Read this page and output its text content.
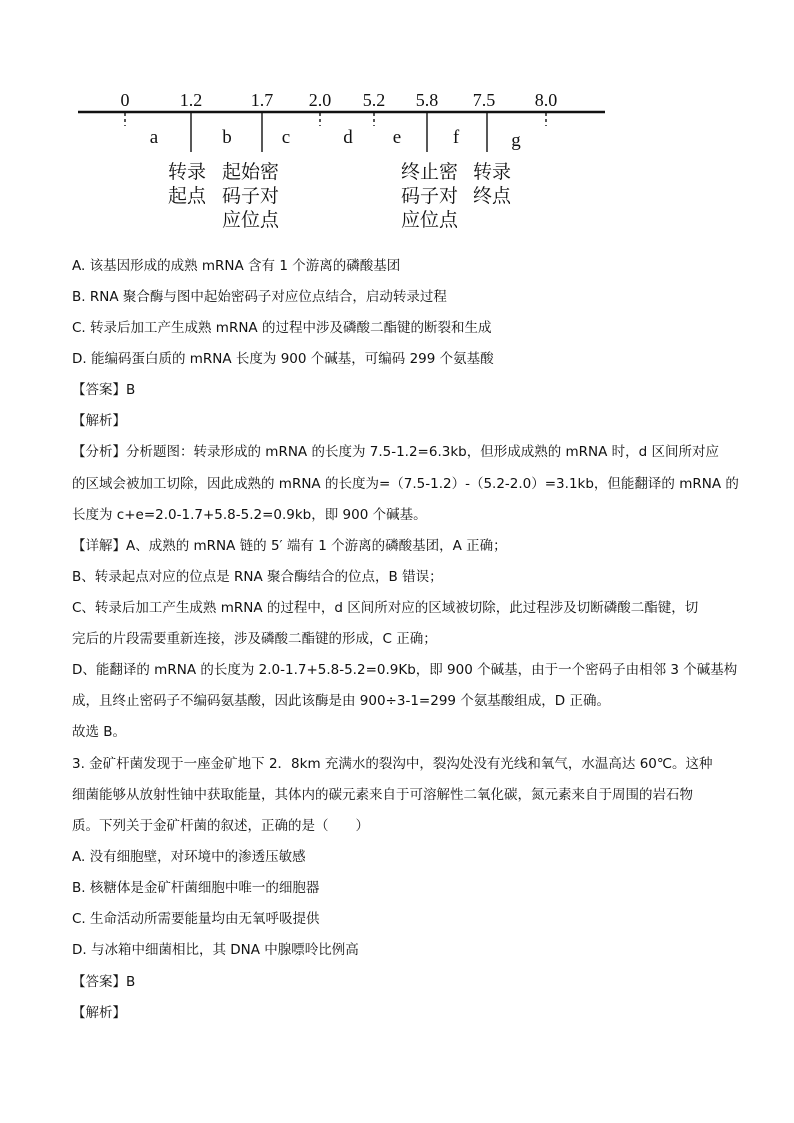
0	1.2	1.7 2.0 5.2 5.8 7.5 8.0
a	b	c	d e	f	g
转录
起点
起始密
码子对
应位点
终止密
码子对
应位点
转录
终点
A. 该基因形成的成熟 mRNA 含有 1 个游离的磷酸基团
B. RNA 聚合酶与图中起始密码子对应位点结合，启动转录过程
C. 转录后加工产生成熟 mRNA 的过程中涉及磷酸二酯键的断裂和生成
D. 能编码蛋白质的 mRNA 长度为 900 个碱基，可编码 299 个氨基酸
【答案】B
【解析】
【分析】分析题图：转录形成的 mRNA 的长度为 7.5-1.2=6.3kb，但形成成熟的 mRNA 时，d 区间所对应
的区域会被加工切除，因此成熟的 mRNA 的长度为=（7.5-1.2）-（5.2-2.0）=3.1kb，但能翻译的 mRNA 的
长度为 c+e=2.0-1.7+5.8-5.2=0.9kb，即 900 个碱基。
【详解】A、成熟的 mRNA 链的 5′ 端有 1 个游离的磷酸基团，A 正确；
B、转录起点对应的位点是 RNA 聚合酶结合的位点，B 错误；
C、转录后加工产生成熟 mRNA 的过程中，d 区间所对应的区域被切除，此过程涉及切断磷酸二酯键，切
完后的片段需要重新连接，涉及磷酸二酯键的形成，C 正确；
D、能翻译的 mRNA 的长度为 2.0-1.7+5.8-5.2=0.9Kb，即 900 个碱基，由于一个密码子由相邻 3 个碱基构
成，且终止密码子不编码氨基酸，因此该酶是由 900÷3-1=299 个氨基酸组成，D 正确。
故选 B。
3. 金矿杆菌发现于一座金矿地下 2．8km 充满水的裂沟中，裂沟处没有光线和氧气，水温高达 60℃。这种
细菌能够从放射性铀中获取能量，其体内的碳元素来自于可溶解性二氧化碳，氮元素来自于周围的岩石物
质。下列关于金矿杆菌的叙述，正确的是（　　）
A. 没有细胞壁，对环境中的渗透压敏感
B. 核糖体是金矿杆菌细胞中唯一的细胞器
C. 生命活动所需要能量均由无氧呼吸提供
D. 与冰箱中细菌相比，其 DNA 中腺嘌呤比例高
【答案】B
【解析】
